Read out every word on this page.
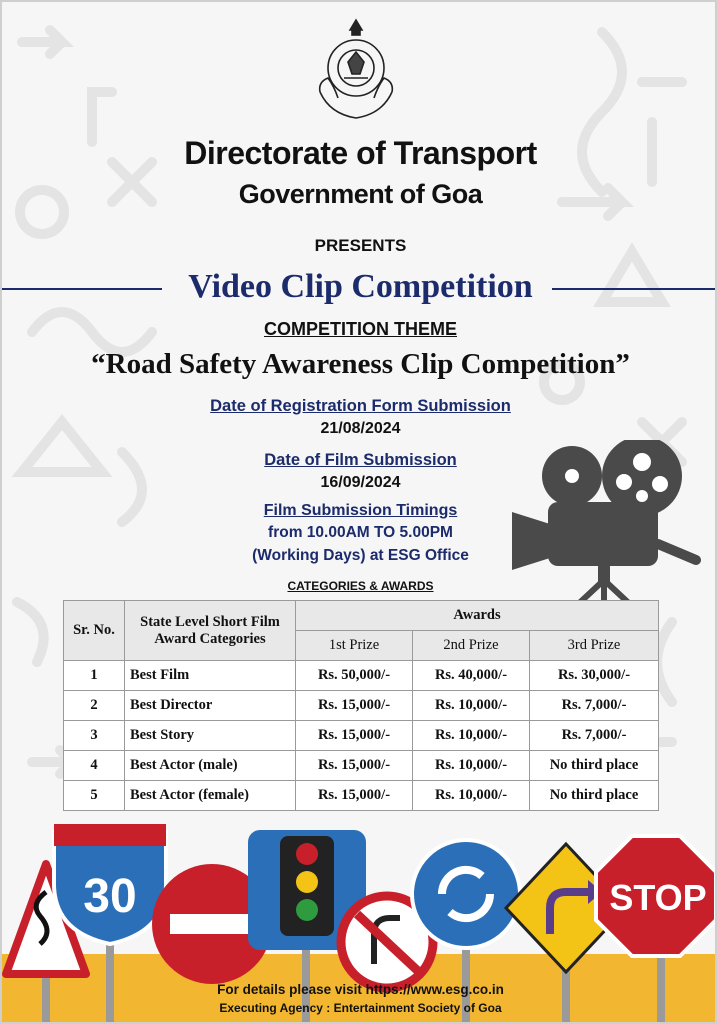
Directorate of Transport
Government of Goa
PRESENTS
Video Clip Competition
COMPETITION THEME
“Road Safety Awareness Clip Competition”
Date of Registration Form Submission
21/08/2024
Date of Film Submission
16/09/2024
Film Submission Timings
from 10.00AM TO 5.00PM
(Working Days) at ESG Office
CATEGORIES & AWARDS
Sr. No.	State Level Short Film Award Categories	Awards		
		1st Prize	2nd Prize	3rd Prize
1	Best Film	Rs. 50,000/-	Rs. 40,000/-	Rs. 30,000/-
2	Best Director	Rs. 15,000/-	Rs. 10,000/-	Rs. 7,000/-
3	Best Story	Rs. 15,000/-	Rs. 10,000/-	Rs. 7,000/-
4	Best Actor (male)	Rs. 15,000/-	Rs. 10,000/-	No third place
5	Best Actor (female)	Rs. 15,000/-	Rs. 10,000/-	No third place
30	STOP
For details please visit https://www.esg.co.in
Executing Agency : Entertainment Society of Goa
